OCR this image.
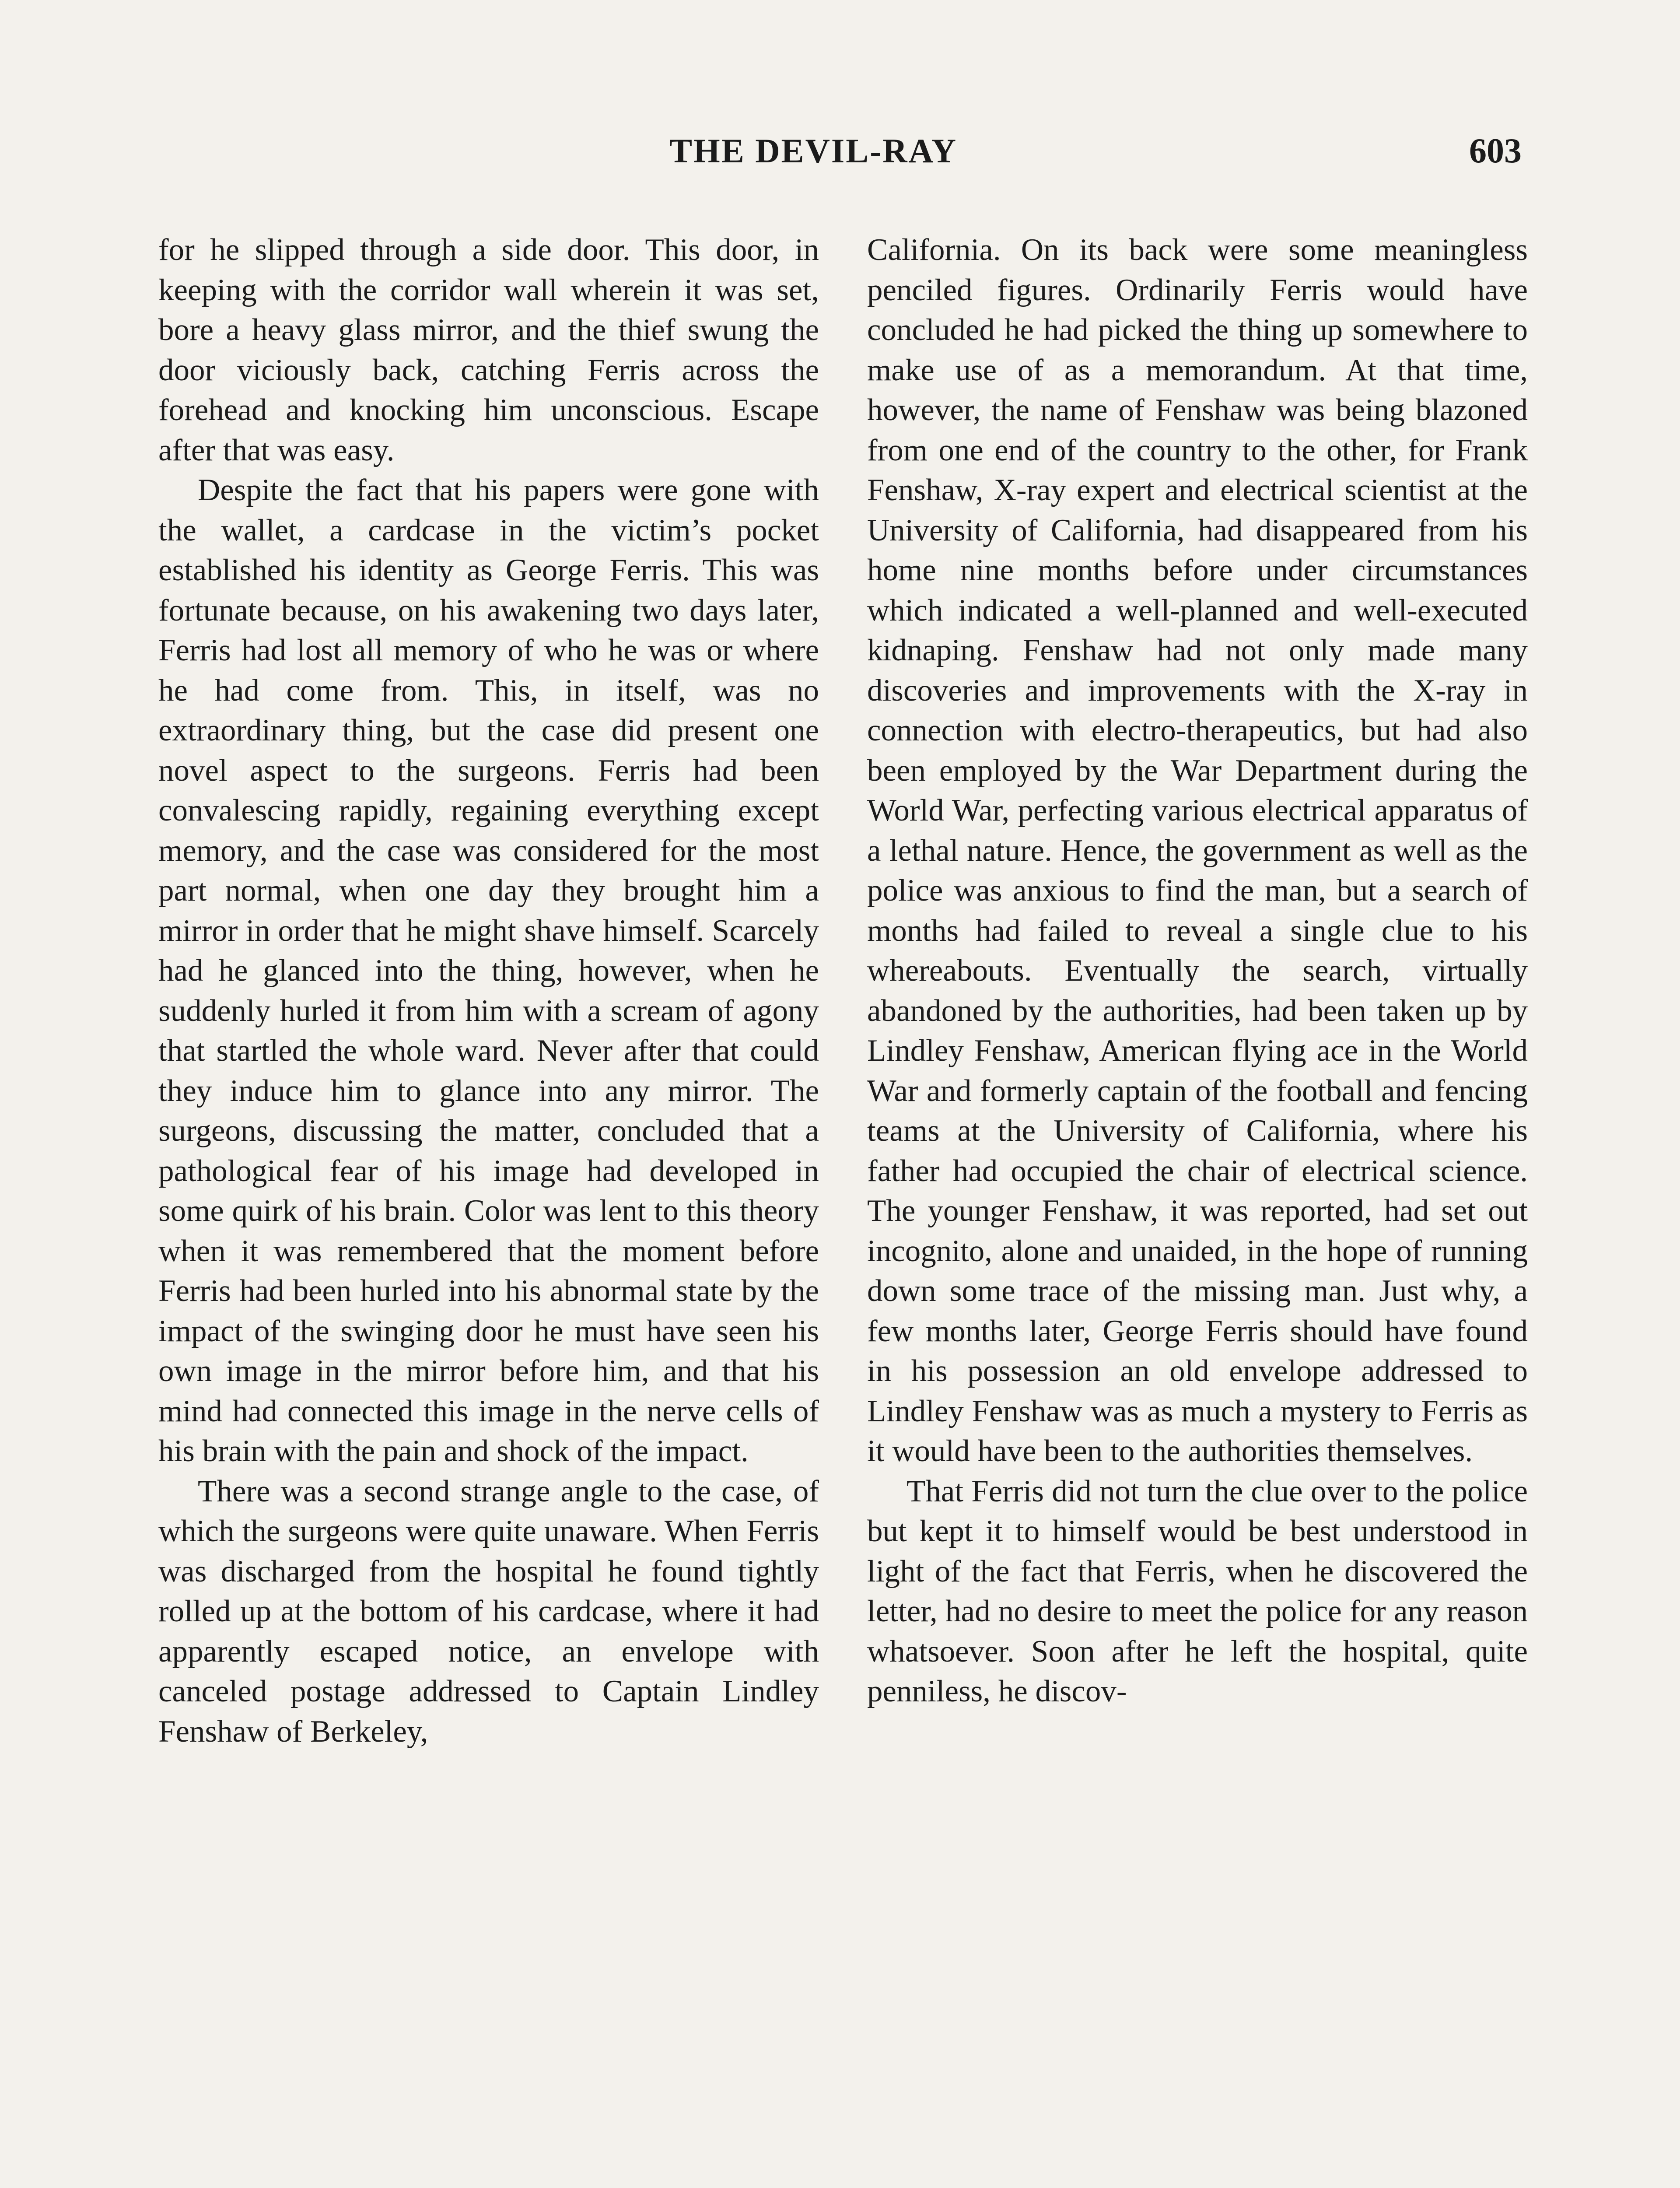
THE DEVIL-RAY	603

for he slipped through a side door. This door, in keeping with the corridor wall wherein it was set, bore a heavy glass mirror, and the thief swung the door viciously back, catching Ferris across the forehead and knocking him unconscious. Escape after that was easy.

Despite the fact that his papers were gone with the wallet, a cardcase in the victim’s pocket established his identity as George Ferris. This was fortunate because, on his awakening two days later, Ferris had lost all memory of who he was or where he had come from. This, in itself, was no extraordinary thing, but the case did present one novel aspect to the surgeons. Ferris had been convalescing rapidly, regaining everything except memory, and the case was considered for the most part normal, when one day they brought him a mirror in order that he might shave himself. Scarcely had he glanced into the thing, however, when he suddenly hurled it from him with a scream of agony that startled the whole ward. Never after that could they induce him to glance into any mirror. The surgeons, discussing the matter, concluded that a pathological fear of his image had developed in some quirk of his brain. Color was lent to this theory when it was remembered that the moment before Ferris had been hurled into his abnormal state by the impact of the swinging door he must have seen his own image in the mirror before him, and that his mind had connected this image in the nerve cells of his brain with the pain and shock of the impact.

There was a second strange angle to the case, of which the surgeons were quite unaware. When Ferris was discharged from the hospital he found tightly rolled up at the bottom of his cardcase, where it had apparently escaped notice, an envelope with canceled postage addressed to Captain Lindley Fenshaw of Berkeley,

California. On its back were some meaningless penciled figures. Ordinarily Ferris would have concluded he had picked the thing up somewhere to make use of as a memorandum. At that time, however, the name of Fenshaw was being blazoned from one end of the country to the other, for Frank Fenshaw, X-ray expert and electrical scientist at the University of California, had disappeared from his home nine months before under circumstances which indicated a well-planned and well-executed kidnaping. Fenshaw had not only made many discoveries and improvements with the X-ray in connection with electro-therapeutics, but had also been employed by the War Department during the World War, perfecting various electrical apparatus of a lethal nature. Hence, the government as well as the police was anxious to find the man, but a search of months had failed to reveal a single clue to his whereabouts. Eventually the search, virtually abandoned by the authorities, had been taken up by Lindley Fenshaw, American flying ace in the World War and formerly captain of the football and fencing teams at the University of California, where his father had occupied the chair of electrical science. The younger Fenshaw, it was reported, had set out incognito, alone and unaided, in the hope of running down some trace of the missing man. Just why, a few months later, George Ferris should have found in his possession an old envelope addressed to Lindley Fenshaw was as much a mystery to Ferris as it would have been to the authorities themselves.

That Ferris did not turn the clue over to the police but kept it to himself would be best understood in light of the fact that Ferris, when he discovered the letter, had no desire to meet the police for any reason whatsoever. Soon after he left the hospital, quite penniless, he discov-
